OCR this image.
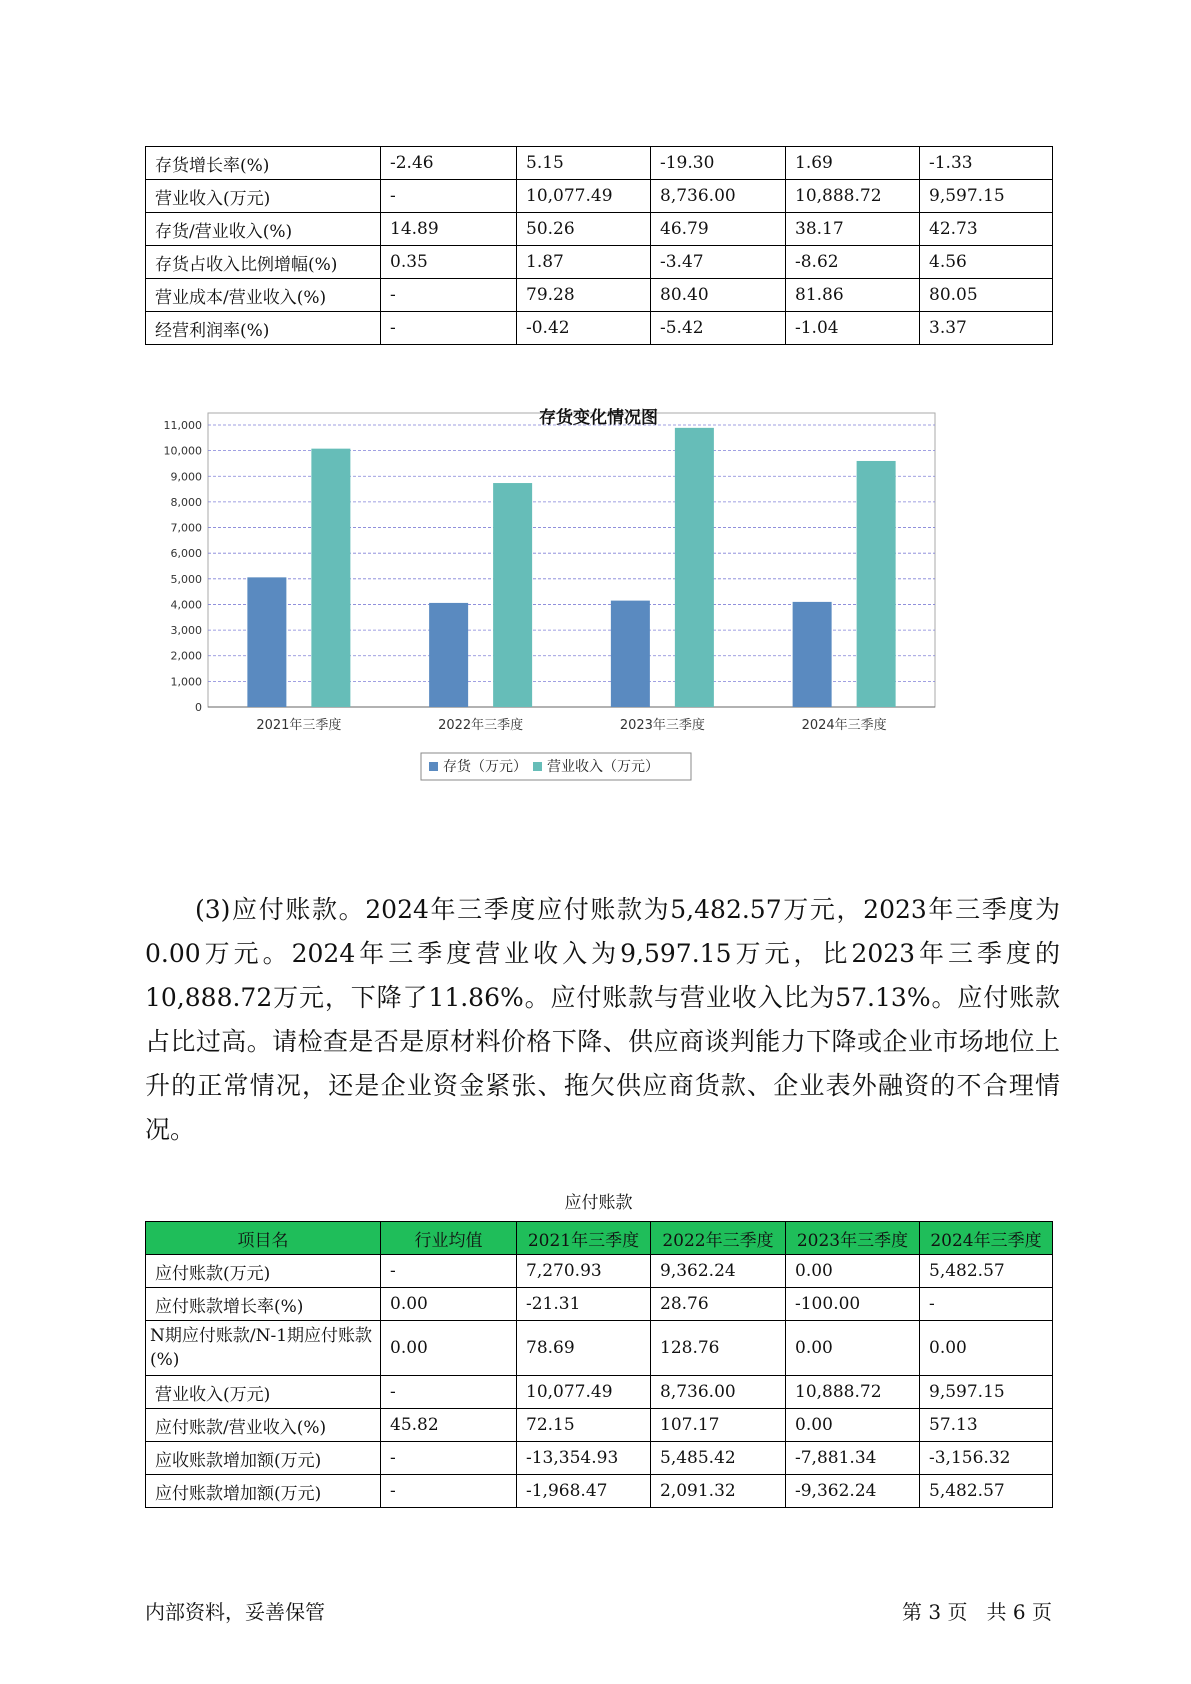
存货增长率(%)	-2.46	5.15	-19.30	1.69	-1.33
营业收入(万元)	-	10,077.49	8,736.00	10,888.72	9,597.15
存货/营业收入(%)	14.89	50.26	46.79	38.17	42.73
存货占收入比例增幅(%)	0.35	1.87	-3.47	-8.62	4.56
营业成本/营业收入(%)	-	79.28	80.40	81.86	80.05
经营利润率(%)	-	-0.42	-5.42	-1.04	3.37
存货变化情况图
0
1,000
2,000
3,000
4,000
5,000
6,000
7,000
8,000
9,000
10,000
11,000
2021年三季度	2022年三季度	2023年三季度	2024年三季度
存货（万元） 营业收入（万元）

(3)应付账款。2024年三季度应付账款为5,482.57万元，2023年三季度为0.00万元。2024年三季度营业收入为9,597.15万元，比2023年三季度的10,888.72万元，下降了11.86%。应付账款与营业收入比为57.13%。应付账款占比过高。请检查是否是原材料价格下降、供应商谈判能力下降或企业市场地位上升的正常情况，还是企业资金紧张、拖欠供应商货款、企业表外融资的不合理情况。

应付账款
项目名	行业均值	2021年三季度	2022年三季度	2023年三季度	2024年三季度
应付账款(万元)	-	7,270.93	9,362.24	0.00	5,482.57
应付账款增长率(%)	0.00	-21.31	28.76	-100.00	-
N期应付账款/N-1期应付账款(%)	0.00	78.69	128.76	0.00	0.00
营业收入(万元)	-	10,077.49	8,736.00	10,888.72	9,597.15
应付账款/营业收入(%)	45.82	72.15	107.17	0.00	57.13
应收账款增加额(万元)	-	-13,354.93	5,485.42	-7,881.34	-3,156.32
应付账款增加额(万元)	-	-1,968.47	2,091.32	-9,362.24	5,482.57
内部资料，妥善保管	第 3 页   共 6 页
